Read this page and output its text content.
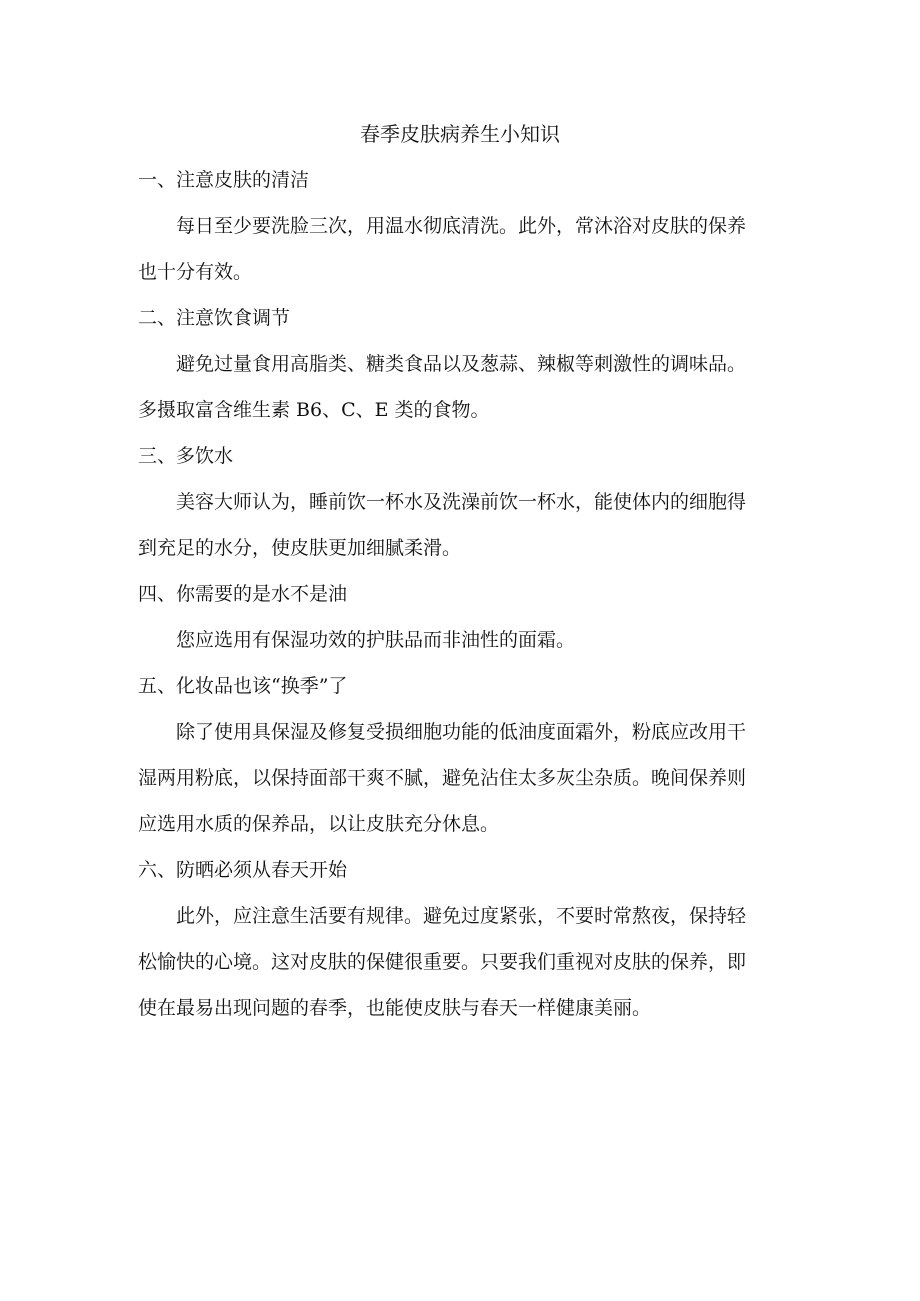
春季皮肤病养生小知识
一、注意皮肤的清洁
每日至少要洗脸三次，用温水彻底清洗。此外，常沐浴对皮肤的保养
也十分有效。
二、注意饮食调节
避免过量食用高脂类、糖类食品以及葱蒜、辣椒等刺激性的调味品。
多摄取富含维生素 B6、C、E 类的食物。
三、多饮水
美容大师认为，睡前饮一杯水及洗澡前饮一杯水，能使体内的细胞得
到充足的水分，使皮肤更加细腻柔滑。
四、你需要的是水不是油
您应选用有保湿功效的护肤品而非油性的面霜。
五、化妆品也该“换季”了
除了使用具保湿及修复受损细胞功能的低油度面霜外，粉底应改用干
湿两用粉底，以保持面部干爽不腻，避免沾住太多灰尘杂质。晚间保养则
应选用水质的保养品，以让皮肤充分休息。
六、防晒必须从春天开始
此外，应注意生活要有规律。避免过度紧张，不要时常熬夜，保持轻
松愉快的心境。这对皮肤的保健很重要。只要我们重视对皮肤的保养，即
使在最易出现问题的春季，也能使皮肤与春天一样健康美丽。
